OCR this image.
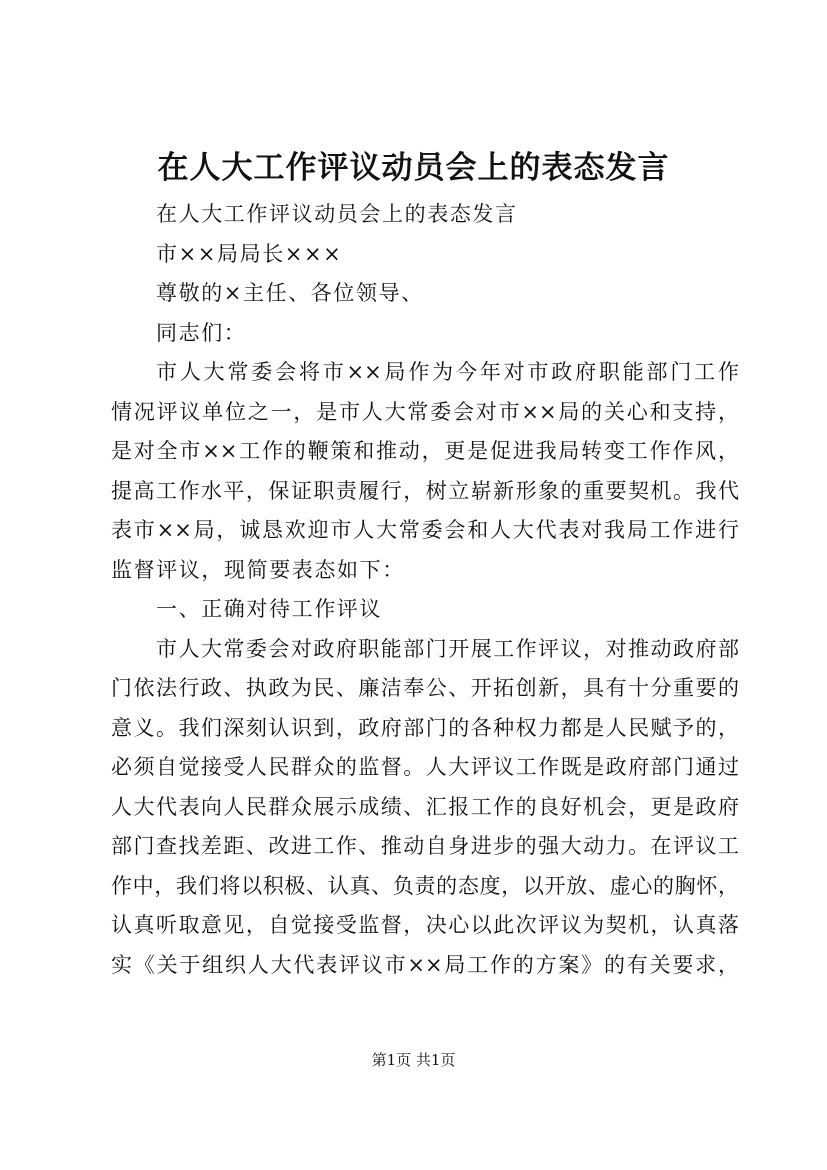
在人大工作评议动员会上的表态发言
在人大工作评议动员会上的表态发言
市××局局长×××
尊敬的×主任、各位领导、
同志们：
市人大常委会将市××局作为今年对市政府职能部门工作
情况评议单位之一，是市人大常委会对市××局的关心和支持，
是对全市××工作的鞭策和推动，更是促进我局转变工作作风，
提高工作水平，保证职责履行，树立崭新形象的重要契机。我代
表市××局，诚恳欢迎市人大常委会和人大代表对我局工作进行
监督评议，现简要表态如下：
一、正确对待工作评议
市人大常委会对政府职能部门开展工作评议，对推动政府部
门依法行政、执政为民、廉洁奉公、开拓创新，具有十分重要的
意义。我们深刻认识到，政府部门的各种权力都是人民赋予的，
必须自觉接受人民群众的监督。人大评议工作既是政府部门通过
人大代表向人民群众展示成绩、汇报工作的良好机会，更是政府
部门查找差距、改进工作、推动自身进步的强大动力。在评议工
作中，我们将以积极、认真、负责的态度，以开放、虚心的胸怀，
认真听取意见，自觉接受监督，决心以此次评议为契机，认真落
实《关于组织人大代表评议市××局工作的方案》的有关要求，
第1页 共1页
